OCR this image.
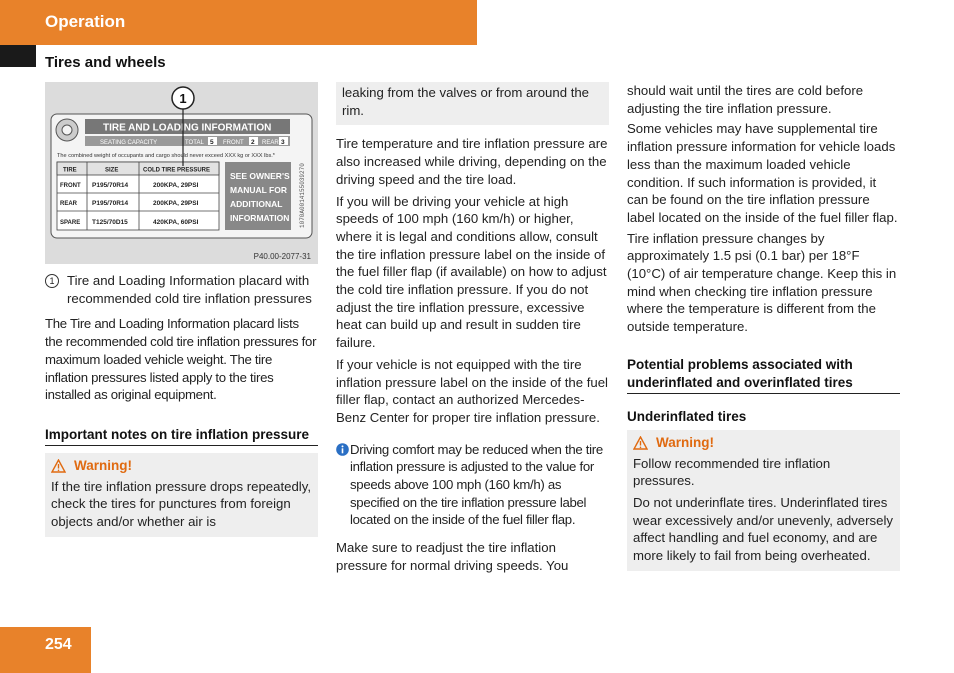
Operation
Tires and wheels
1
TIRE AND LOADING INFORMATION
SEATING CAPACITY	TOTAL 5 FRONT 2 REAR 3
The combined weight of occupants and cargo should never exceed XXX kg or XXX lbs.*
TIRE	SIZE	COLD TIRE PRESSURE
FRONT P195/70R14	200KPA, 29PSI
REAR P195/70R14	200KPA, 29PSI
SPARE T125/70D15	420KPA, 60PSI
SEE OWNER'S
MANUAL FOR
ADDITIONAL
INFORMATION 1070A0014155039270
P40.00-2077-31
1 Tire and Loading Information placard with recommended cold tire inflation pressures

The Tire and Loading Information placard lists the recommended cold tire inflation pressures for maximum loaded vehicle weight. The tire inflation pressures listed apply to the tires installed as original equipment.

Important notes on tire inflation pressure
Warning!

If the tire inflation pressure drops repeatedly, check the tires for punctures from foreign objects and/or whether air is

leaking from the valves or from around the rim.

Tire temperature and tire inflation pressure are also increased while driving, depending on the driving speed and the tire load.

If you will be driving your vehicle at high speeds of 100 mph (160 km/h) or higher, where it is legal and conditions allow, consult the tire inflation pressure label on the inside of the fuel filler flap (if available) on how to adjust the cold tire inflation pressure. If you do not adjust the tire inflation pressure, excessive heat can build up and result in sudden tire failure.

If your vehicle is not equipped with the tire inflation pressure label on the inside of the fuel filler flap, contact an authorized Mercedes-Benz Center for proper tire inflation pressure.

Driving comfort may be reduced when the tire inflation pressure is adjusted to the value for speeds above 100 mph (160 km/h) as specified on the tire inflation pressure label located on the inside of the fuel filler flap.

Make sure to readjust the tire inflation pressure for normal driving speeds. You

should wait until the tires are cold before adjusting the tire inflation pressure.

Some vehicles may have supplemental tire inflation pressure information for vehicle loads less than the maximum loaded vehicle condition. If such information is provided, it can be found on the tire inflation pressure label located on the inside of the fuel filler flap.

Tire inflation pressure changes by approximately 1.5 psi (0.1 bar) per 18°F (10°C) of air temperature change. Keep this in mind when checking tire inflation pressure where the temperature is different from the outside temperature.

Potential problems associated with underinflated and overinflated tires
Underinflated tires
Warning!

Follow recommended tire inflation pressures.

Do not underinflate tires. Underinflated tires wear excessively and/or unevenly, adversely affect handling and fuel economy, and are more likely to fail from being overheated.

254
